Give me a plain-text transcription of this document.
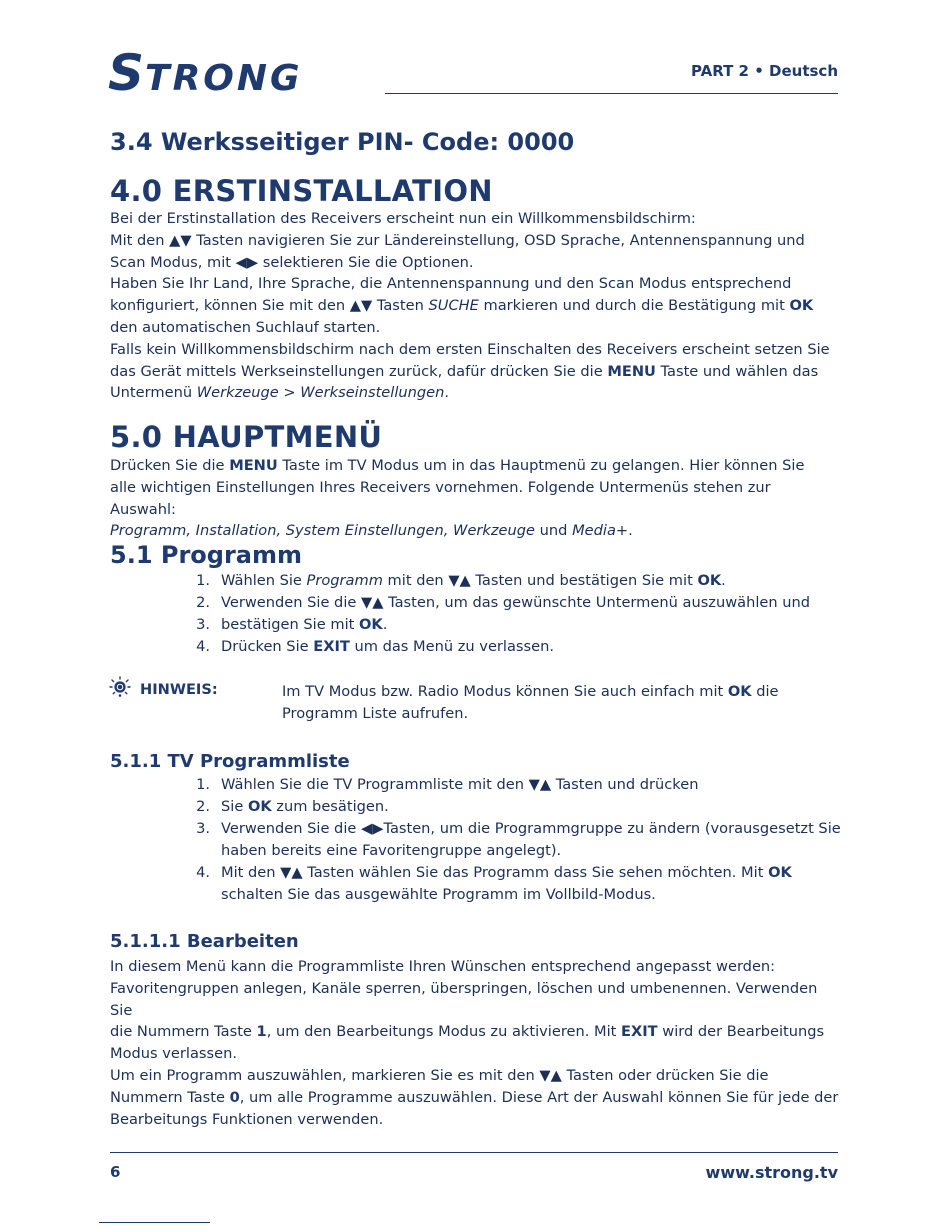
STRONG	PART 2 • Deutsch
3.4 Werksseitiger PIN- Code: 0000
4.0 ERSTINSTALLATION

Bei der Erstinstallation des Receivers erscheint nun ein Willkommensbildschirm:

Mit den ▲▼ Tasten navigieren Sie zur Ländereinstellung, OSD Sprache, Antennenspannung und

Scan Modus, mit ◀▶ selektieren Sie die Optionen.

Haben Sie Ihr Land, Ihre Sprache, die Antennenspannung und den Scan Modus entsprechend

konfiguriert, können Sie mit den ▲▼ Tasten SUCHE markieren und durch die Bestätigung mit OK

den automatischen Suchlauf starten.

Falls kein Willkommensbildschirm nach dem ersten Einschalten des Receivers erscheint setzen Sie

das Gerät mittels Werkseinstellungen zurück, dafür drücken Sie die MENU Taste und wählen das

Untermenü Werkzeuge > Werkseinstellungen.

5.0 HAUPTMENÜ

Drücken Sie die MENU Taste im TV Modus um in das Hauptmenü zu gelangen. Hier können Sie

alle wichtigen Einstellungen Ihres Receivers vornehmen. Folgende Untermenüs stehen zur Auswahl:

Programm, Installation, System Einstellungen, Werkzeuge und Media+.

5.1 Programm
1. Wählen Sie Programm mit den ▼▲ Tasten und bestätigen Sie mit OK.
2. Verwenden Sie die ▼▲ Tasten, um das gewünschte Untermenü auszuwählen und
3. bestätigen Sie mit OK.
4. Drücken Sie EXIT um das Menü zu verlassen.
HINWEIS:	Im TV Modus bzw. Radio Modus können Sie auch einfach mit OK die
Programm Liste aufrufen.
5.1.1 TV Programmliste
1. Wählen Sie die TV Programmliste mit den ▼▲ Tasten und drücken
2. Sie OK zum besätigen.
3. Verwenden Sie die ◀▶Tasten, um die Programmgruppe zu ändern (vorausgesetzt Sie
haben bereits eine Favoritengruppe angelegt).
4. Mit den ▼▲ Tasten wählen Sie das Programm dass Sie sehen möchten. Mit OK
schalten Sie das ausgewählte Programm im Vollbild-Modus.
5.1.1.1 Bearbeiten

In diesem Menü kann die Programmliste Ihren Wünschen entsprechend angepasst werden:

Favoritengruppen anlegen, Kanäle sperren, überspringen, löschen und umbenennen. Verwenden Sie

die Nummern Taste 1, um den Bearbeitungs Modus zu aktivieren. Mit EXIT wird der Bearbeitungs

Modus verlassen.

Um ein Programm auszuwählen, markieren Sie es mit den ▼▲ Tasten oder drücken Sie die

Nummern Taste 0, um alle Programme auszuwählen. Diese Art der Auswahl können Sie für jede der

Bearbeitungs Funktionen verwenden.

6	www.strong.tv
